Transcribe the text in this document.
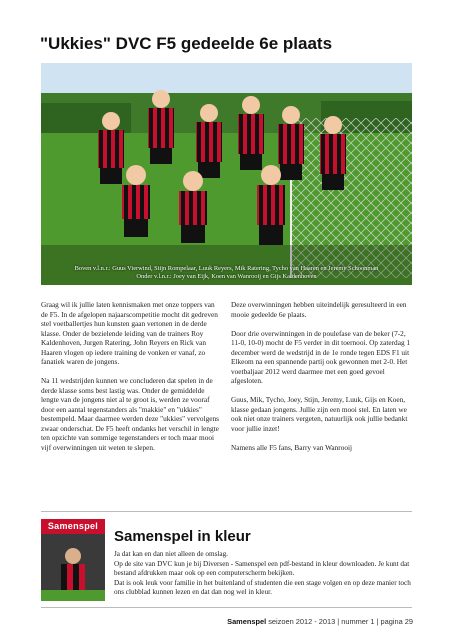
"Ukkies" DVC F5 gedeelde 6e plaats
Boven v.l.n.r.: Guus Vierwind, Stijn Rompelaar, Luuk Reyers, Mik Ratering, Tycho van Haaren en Jeremy Schoonman
Onder v.l.n.r.: Joey van Eijk, Koen van Wanrooij en Gijs Kaldenhoven

Graag wil ik jullie laten kennismaken met onze toppers van de F5. In de afgelopen najaarscompetitie mocht dit gedreven stel voetballertjes hun kunsten gaan vertonen in de derde klasse. Onder de bezielende leiding van de trainers Roy Kaldenhoven, Jurgen Ratering, John Reyers en Rick van Haaren vlogen op iedere training de vonken er vanaf, zo fanatiek waren de jongens.

Na 11 wedstrijden kunnen we concluderen dat spelen in de derde klasse soms best lastig was. Onder de gemiddelde lengte van de jongens niet al te groot is, werden ze vooraf door een aantal tegenstanders als "makkie" en "ukkies" bestempeld. Maar daarmee werden deze "ukkies" vervolgens zwaar onderschat. De F5 heeft ondanks het verschil in lengte ten opzichte van sommige tegenstanders er toch maar mooi vijf overwinningen uit weten te slepen.

Deze overwinningen hebben uiteindelijk geresulteerd in een mooie gedeelde 6e plaats.

Door drie overwinningen in de poulefase van de beker (7-2, 11-0, 10-0) mocht de F5 verder in dit toernooi. Op zaterdag 1 december werd de wedstrijd in de 1e ronde tegen EDS F1 uit Elkeom na een spannende partij ook gewonnen met 2-0. Het voetbaljaar 2012 werd daarmee met een goed gevoel afgesloten.

Guus, Mik, Tycho, Joey, Stijn, Jeremy, Luuk, Gijs en Koen, klasse gedaan jongens. Jullie zijn een mooi stel. En laten we ook niet onze trainers vergeten, natuurlijk ook jullie bedankt voor jullie inzet!

Namens alle F5 fans, Barry van Wanrooij

Samenspel
Samenspel in kleur
Ja dat kan en dan niet alleen de omslag.
Op de site van DVC kun je bij Diversen - Samenspel een pdf-bestand in kleur downloaden. Je kunt dat bestand afdrukken maar ook op een computerscherm bekijken.
Dat is ook leuk voor familie in het buitenland of studenten die een stage volgen en op deze manier toch ons clubblad kunnen lezen en dat dan nog wel in kleur.
Samenspel seizoen 2012 - 2013 | nummer 1 | pagina 29
